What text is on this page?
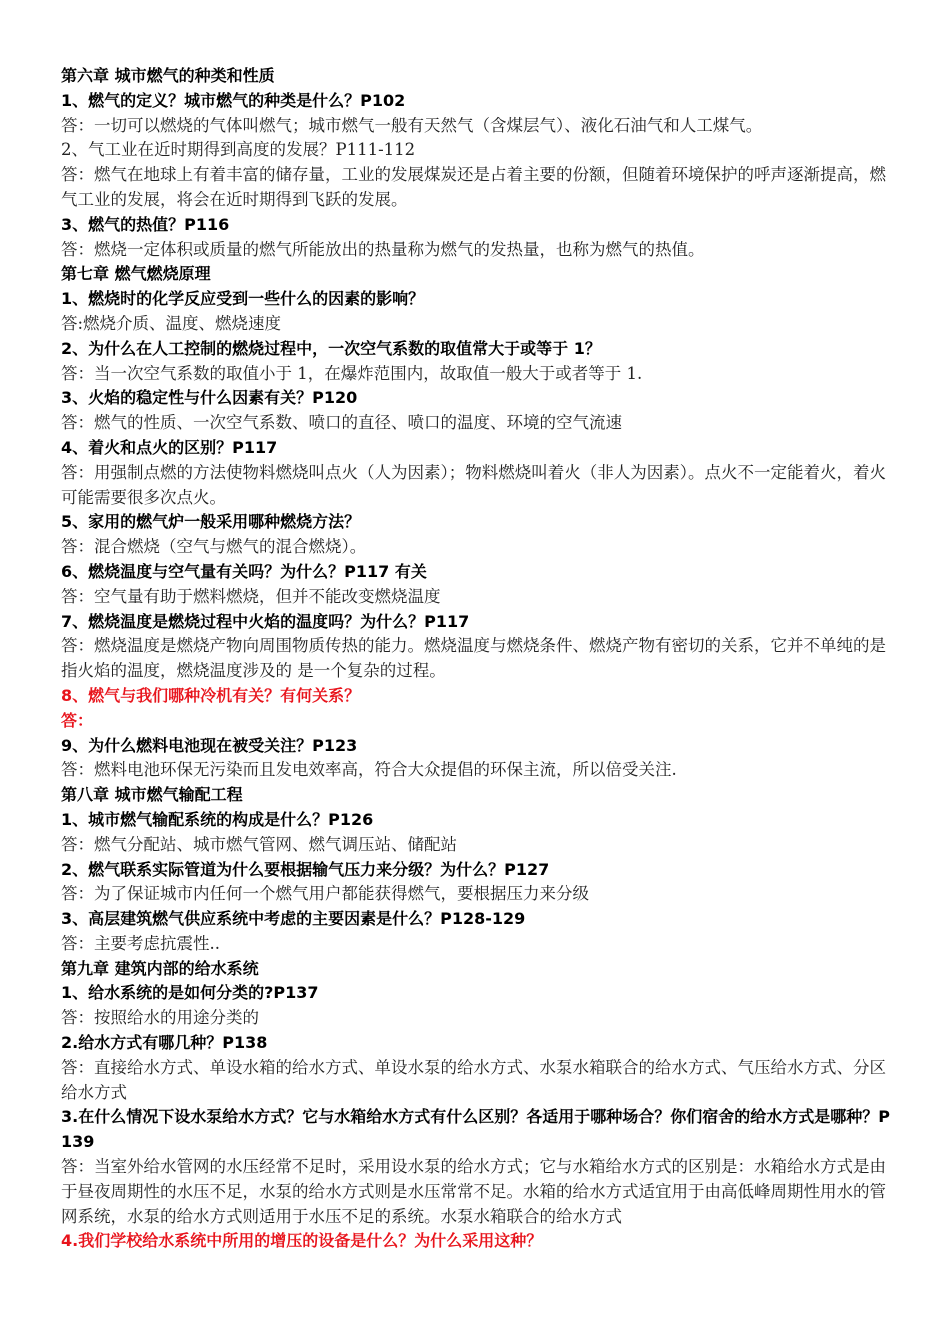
第六章 城市燃气的种类和性质

1、燃气的定义？城市燃气的种类是什么？P102

答：一切可以燃烧的气体叫燃气；城市燃气一般有天然气（含煤层气）、液化石油气和人工煤气。

2、气工业在近时期得到高度的发展？P111-112

答：燃气在地球上有着丰富的储存量，工业的发展煤炭还是占着主要的份额，但随着环境保护的呼声逐渐提高，燃气工业的发展，将会在近时期得到飞跃的发展。

3、燃气的热值？P116

答：燃烧一定体积或质量的燃气所能放出的热量称为燃气的发热量，也称为燃气的热值。

第七章 燃气燃烧原理

1、燃烧时的化学反应受到一些什么的因素的影响？

答:燃烧介质、温度、燃烧速度

2、为什么在人工控制的燃烧过程中，一次空气系数的取值常大于或等于 1？

答：当一次空气系数的取值小于 1，在爆炸范围内，故取值一般大于或者等于 1.

3、火焰的稳定性与什么因素有关？P120

答：燃气的性质、一次空气系数、喷口的直径、喷口的温度、环境的空气流速

4、着火和点火的区别？P117

答：用强制点燃的方法使物料燃烧叫点火（人为因素）；物料燃烧叫着火（非人为因素）。点火不一定能着火，着火可能需要很多次点火。

5、家用的燃气炉一般采用哪种燃烧方法？

答：混合燃烧（空气与燃气的混合燃烧）。

6、燃烧温度与空气量有关吗？为什么？P117 有关

答：空气量有助于燃料燃烧，但并不能改变燃烧温度

7、燃烧温度是燃烧过程中火焰的温度吗？为什么？P117

答：燃烧温度是燃烧产物向周围物质传热的能力。燃烧温度与燃烧条件、燃烧产物有密切的关系，它并不单纯的是指火焰的温度，燃烧温度涉及的 是一个复杂的过程。

8、燃气与我们哪种冷机有关？有何关系？

答：

9、为什么燃料电池现在被受关注？P123

答：燃料电池环保无污染而且发电效率高，符合大众提倡的环保主流，所以倍受关注.

第八章 城市燃气输配工程

1、城市燃气输配系统的构成是什么？P126

答：燃气分配站、城市燃气管网、燃气调压站、储配站

2、燃气联系实际管道为什么要根据输气压力来分级？为什么？P127

答：为了保证城市内任何一个燃气用户都能获得燃气，要根据压力来分级

3、高层建筑燃气供应系统中考虑的主要因素是什么？P128-129

答：主要考虑抗震性..

第九章 建筑内部的给水系统

1、给水系统的是如何分类的?P137

答：按照给水的用途分类的

2.给水方式有哪几种？P138

答：直接给水方式、单设水箱的给水方式、单设水泵的给水方式、水泵水箱联合的给水方式、气压给水方式、分区给水方式

3.在什么情况下设水泵给水方式？它与水箱给水方式有什么区别？各适用于哪种场合？你们宿舍的给水方式是哪种？P139

答：当室外给水管网的水压经常不足时，采用设水泵的给水方式；它与水箱给水方式的区别是：水箱给水方式是由于昼夜周期性的水压不足，水泵的给水方式则是水压常常不足。水箱的给水方式适宜用于由高低峰周期性用水的管网系统，水泵的给水方式则适用于水压不足的系统。水泵水箱联合的给水方式

4.我们学校给水系统中所用的增压的设备是什么？为什么采用这种？
